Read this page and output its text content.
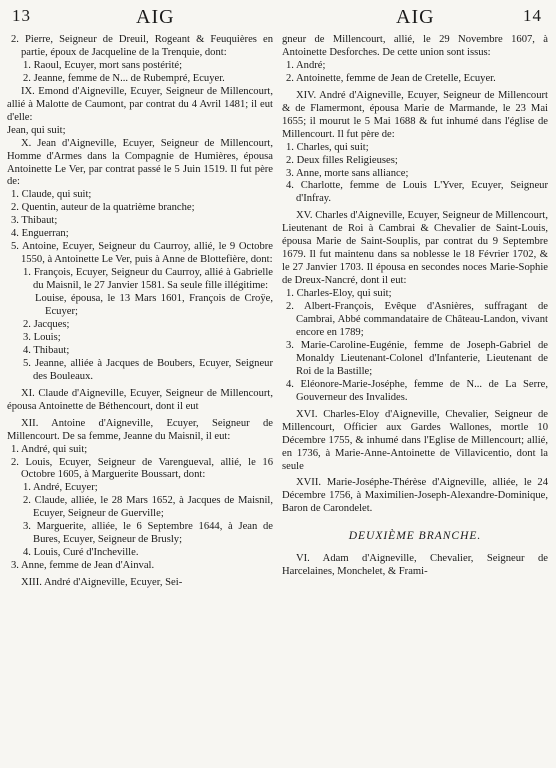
13	AIG	AIG	14

2. Pierre, Seigneur de Dreuil, Rogeant & Feuquières en partie, époux de Jacqueline de la Trenquie, dont:

1. Raoul, Ecuyer, mort sans postérité;

2. Jeanne, femme de N... de Rubempré, Ecuyer.

IX. Emond d'Aigneville, Ecuyer, Seigneur de Millencourt, allié à Malotte de Caumont, par contrat du 4 Avril 1481; il eut d'elle:

Jean, qui suit;

X. Jean d'Aigneville, Ecuyer, Seigneur de Millencourt, Homme d'Armes dans la Compagnie de Humières, épousa Antoinette Le Ver, par contrat passé le 5 Juin 1519. Il fut père de:

1. Claude, qui suit;

2. Quentin, auteur de la quatrième branche;

3. Thibaut;

4. Enguerran;

5. Antoine, Ecuyer, Seigneur du Caurroy, allié, le 9 Octobre 1550, à Antoinette Le Ver, puis à Anne de Blottefière, dont:

1. François, Ecuyer, Seigneur du Caurroy, allié à Gabrielle du Maisnil, le 27 Janvier 1581. Sa seule fille illégitime:

Louise, épousa, le 13 Mars 1601, François de Croÿe, Ecuyer;

2. Jacques;

3. Louis;

4. Thibaut;

5. Jeanne, alliée à Jacques de Boubers, Ecuyer, Seigneur des Bouleaux.

XI. Claude d'Aigneville, Ecuyer, Seigneur de Millencourt, épousa Antoinette de Béthencourt, dont il eut

XII. Antoine d'Aigneville, Ecuyer, Seigneur de Millencourt. De sa femme, Jeanne du Maisnil, il eut:

1. André, qui suit;

2. Louis, Ecuyer, Seigneur de Varengueval, allié, le 16 Octobre 1605, à Marguerite Boussart, dont:

1. André, Ecuyer;

2. Claude, alliée, le 28 Mars 1652, à Jacques de Maisnil, Ecuyer, Seigneur de Guerville;

3. Marguerite, alliée, le 6 Septembre 1644, à Jean de Bures, Ecuyer, Seigneur de Brusly;

4. Louis, Curé d'Incheville.

3. Anne, femme de Jean d'Ainval.

XIII. André d'Aigneville, Ecuyer, Sei-

gneur de Millencourt, allié, le 29 Novembre 1607, à Antoinette Desforches. De cette union sont issus:

1. André;

2. Antoinette, femme de Jean de Cretelle, Ecuyer.

XIV. André d'Aigneville, Ecuyer, Seigneur de Millencourt & de Flamermont, épousa Marie de Marmande, le 23 Mai 1655; il mourut le 5 Mai 1688 & fut inhumé dans l'église de Millencourt. Il fut père de:

1. Charles, qui suit;

2. Deux filles Religieuses;

3. Anne, morte sans alliance;

4. Charlotte, femme de Louis L'Yver, Ecuyer, Seigneur d'Infray.

XV. Charles d'Aigneville, Ecuyer, Seigneur de Millencourt, Lieutenant de Roi à Cambrai & Chevalier de Saint-Louis, épousa Marie de Saint-Souplis, par contrat du 9 Septembre 1679. Il fut maintenu dans sa noblesse le 18 Février 1702, & le 27 Janvier 1703. Il épousa en secondes noces Marie-Sophie de Dreux-Nancré, dont il eut:

1. Charles-Eloy, qui suit;

2. Albert-François, Evêque d'Asnières, suffragant de Cambrai, Abbé commandataire de Château-Landon, vivant encore en 1789;

3. Marie-Caroline-Eugénie, femme de Joseph-Gabriel de Monaldy Lieutenant-Colonel d'Infanterie, Lieutenant de Roi de la Bastille;

4. Eléonore-Marie-Joséphe, femme de N... de La Serre, Gouverneur des Invalides.

XVI. Charles-Eloy d'Aigneville, Chevalier, Seigneur de Millencourt, Officier aux Gardes Wallones, mortle 10 Décembre 1755, & inhumé dans l'Eglise de Millencourt; allié, en 1736, à Marie-Anne-Antoinette de Villavicentio, dont la seule

XVII. Marie-Joséphe-Thérèse d'Aigneville, alliée, le 24 Décembre 1756, à Maximilien-Joseph-Alexandre-Dominique, Baron de Carondelet.

DEUXIÈME BRANCHE.

VI. Adam d'Aigneville, Chevalier, Seigneur de Harcelaines, Monchelet, & Frami-
